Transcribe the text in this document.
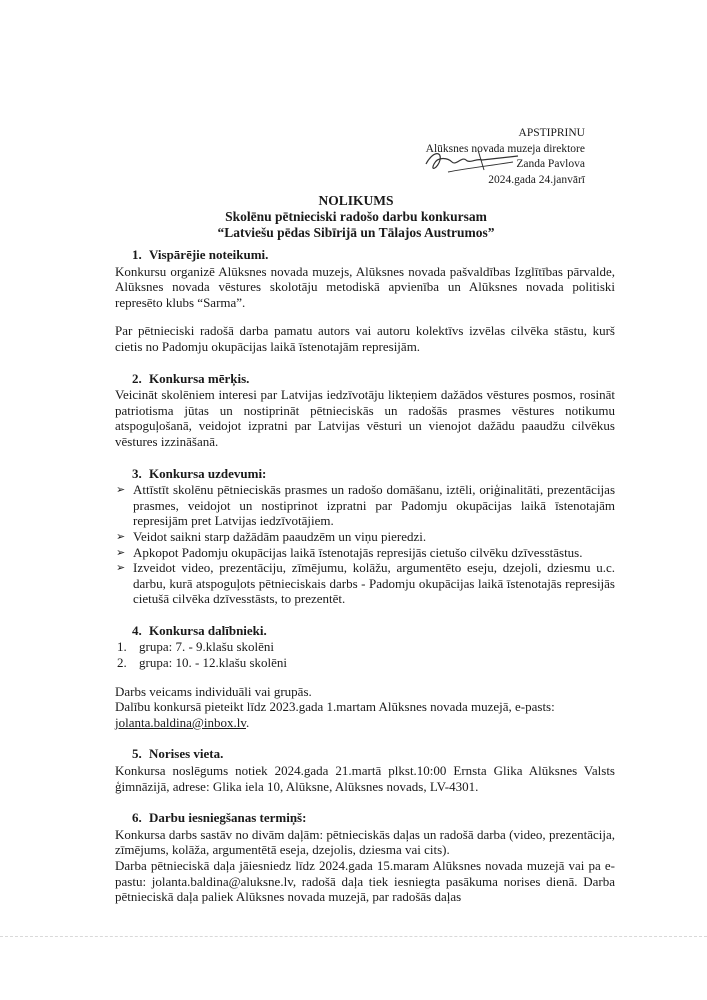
APSTIPRINU
Alūksnes novada muzeja direktore
Zanda Pavlova
2024.gada 24.janvārī
NOLIKUMS
Skolēnu pētnieciski radošo darbu konkursam
“Latviešu pēdas Sibīrijā un Tālajos Austrumos”
1. Vispārējie noteikumi.

Konkursu organizē Alūksnes novada muzejs, Alūksnes novada pašvaldības Izglītības pārvalde, Alūksnes novada vēstures skolotāju metodiskā apvienība un Alūksnes novada politiski represēto klubs “Sarma”.

Par pētnieciski radošā darba pamatu autors vai autoru kolektīvs izvēlas cilvēka stāstu, kurš cietis no Padomju okupācijas laikā īstenotajām represijām.

2. Konkursa mērķis.

Veicināt skolēniem interesi par Latvijas iedzīvotāju likteņiem dažādos vēstures posmos, rosināt patriotisma jūtas un nostiprināt pētnieciskās un radošās prasmes vēstures notikumu atspoguļošanā, veidojot izpratni par Latvijas vēsturi un vienojot dažādu paaudžu cilvēkus vēstures izzināšanā.

3. Konkursa uzdevumi:
➢ Attīstīt skolēnu pētnieciskās prasmes un radošo domāšanu, iztēli, oriģinalitāti, prezentācijas prasmes, veidojot un nostiprinot izpratni par Padomju okupācijas laikā īstenotajām represijām pret Latvijas iedzīvotājiem.
➢ Veidot saikni starp dažādām paaudzēm un viņu pieredzi.
➢ Apkopot Padomju okupācijas laikā īstenotajās represijās cietušo cilvēku dzīvesstāstus.
➢ Izveidot video, prezentāciju, zīmējumu, kolāžu, argumentēto eseju, dzejoli, dziesmu u.c. darbu, kurā atspoguļots pētnieciskais darbs - Padomju okupācijas laikā īstenotajās represijās cietušā cilvēka dzīvesstāsts, to prezentēt.
4. Konkursa dalībnieki.
1. grupa: 7. - 9.klašu skolēni
2. grupa: 10. - 12.klašu skolēni

Darbs veicams individuāli vai grupās.

Dalību konkursā pieteikt līdz 2023.gada 1.martam Alūksnes novada muzejā, e-pasts:

jolanta.baldina@inbox.lv.

5. Norises vieta.

Konkursa noslēgums notiek 2024.gada 21.martā plkst.10:00 Ernsta Glika Alūksnes Valsts ģimnāzijā, adrese: Glika iela 10, Alūksne, Alūksnes novads, LV-4301.

6. Darbu iesniegšanas termiņš:

Konkursa darbs sastāv no divām daļām: pētnieciskās daļas un radošā darba (video, prezentācija, zīmējums, kolāža, argumentētā eseja, dzejolis, dziesma vai cits).

Darba pētnieciskā daļa jāiesniedz līdz 2024.gada 15.maram Alūksnes novada muzejā vai pa e-pastu: jolanta.baldina@aluksne.lv, radošā daļa tiek iesniegta pasākuma norises dienā. Darba pētnieciskā daļa paliek Alūksnes novada muzejā, par radošās daļas
